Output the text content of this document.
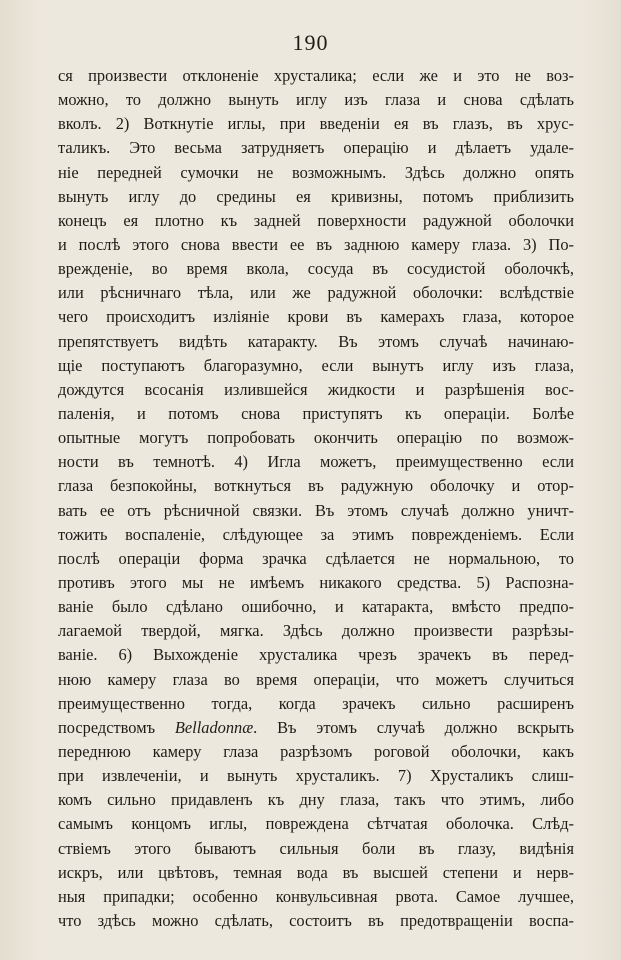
190
ся произвести отклоненіе хрусталика; если же и это не воз-
можно, то должно вынуть иглу изъ глаза и снова сдѣлать
вколъ. 2) Воткнутіе иглы, при введеніи ея въ глазъ, въ хрус-
таликъ. Это весьма затрудняетъ операцію и дѣлаетъ удале-
ніе передней сумочки не возможнымъ. Здѣсь должно опять
вынуть иглу до средины ея кривизны, потомъ приблизить
конецъ ея плотно къ задней поверхности радужной оболочки
и послѣ этого снова ввести ее въ заднюю камеру глаза. 3) По-
врежденіе, во время вкола, сосуда въ сосудистой оболочкѣ,
или рѣсничнаго тѣла, или же радужной оболочки: вслѣдствіе
чего происходитъ изліяніе крови въ камерахъ глаза, которое
препятствуетъ видѣть катаракту. Въ этомъ случаѣ начинаю-
щіе поступаютъ благоразумно, если вынутъ иглу изъ глаза,
дождутся всосанія излившейся жидкости и разрѣшенія вос-
паленія, и потомъ снова приступятъ къ операціи. Болѣе
опытные могутъ попробовать окончить операцію по возмож-
ности въ темнотѣ. 4) Игла можетъ, преимущественно если
глаза безпокойны, воткнуться въ радужную оболочку и отор-
вать ее отъ рѣсничной связки. Въ этомъ случаѣ должно уничт-
тожить воспаленіе, слѣдующее за этимъ поврежденіемъ. Если
послѣ операціи форма зрачка сдѣлается не нормальною, то
противъ этого мы не имѣемъ никакого средства. 5) Распозна-
ваніе было сдѣлано ошибочно, и катаракта, вмѣсто предпо-
лагаемой твердой, мягка. Здѣсь должно произвести разрѣзы-
ваніе. 6) Выхожденіе хрусталика чрезъ зрачекъ въ перед-
нюю камеру глаза во время операціи, что можетъ случиться
преимущественно тогда, когда зрачекъ сильно расширенъ
посредствомъ Belladonnæ. Въ этомъ случаѣ должно вскрыть
переднюю камеру глаза разрѣзомъ роговой оболочки, какъ
при извлеченіи, и вынуть хрусталикъ. 7) Хрусталикъ слиш-
комъ сильно придавленъ къ дну глаза, такъ что этимъ, либо
самымъ концомъ иглы, повреждена сѣтчатая оболочка. Слѣд-
ствіемъ этого бываютъ сильныя боли въ глазу, видѣнія
искръ, или цвѣтовъ, темная вода въ высшей степени и нерв-
ныя припадки; особенно конвульсивная рвота. Самое лучшее,
что здѣсь можно сдѣлать, состоитъ въ предотвращеніи воспа-
